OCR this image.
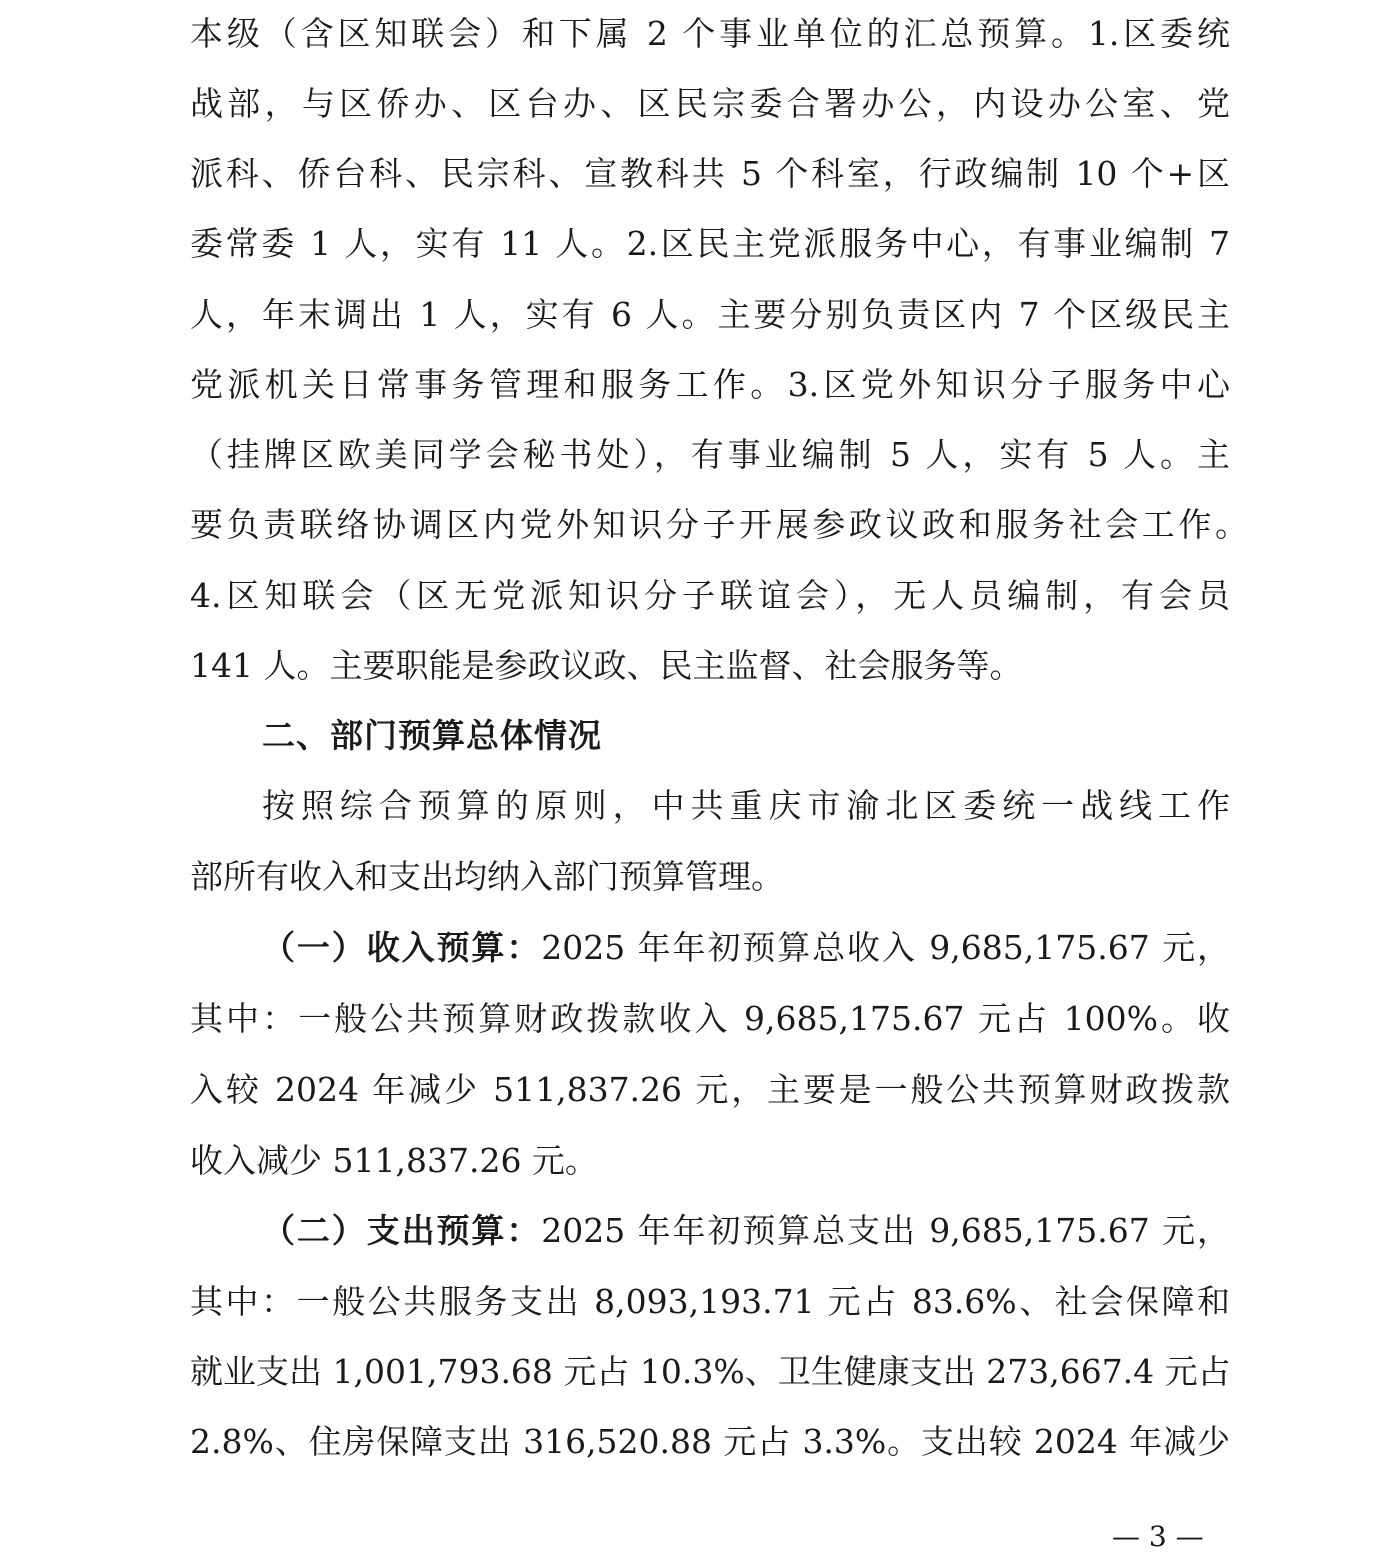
本级（含区知联会）和下属 2 个事业单位的汇总预算。1.区委统
战部，与区侨办、区台办、区民宗委合署办公，内设办公室、党
派科、侨台科、民宗科、宣教科共 5 个科室，行政编制 10 个+区
委常委 1 人，实有 11 人。2.区民主党派服务中心，有事业编制 7
人，年末调出 1 人，实有 6 人。主要分别负责区内 7 个区级民主
党派机关日常事务管理和服务工作。3.区党外知识分子服务中心
（挂牌区欧美同学会秘书处），有事业编制 5 人，实有 5 人。主
要负责联络协调区内党外知识分子开展参政议政和服务社会工作。
4.区知联会（区无党派知识分子联谊会），无人员编制，有会员
141 人。主要职能是参政议政、民主监督、社会服务等。
二、部门预算总体情况
按照综合预算的原则，中共重庆市渝北区委统一战线工作
部所有收入和支出均纳入部门预算管理。
（一）收入预算：2025 年年初预算总收入 9,685,175.67 元，
其中：一般公共预算财政拨款收入 9,685,175.67 元占 100%。收
入较 2024 年减少 511,837.26 元，主要是一般公共预算财政拨款
收入减少 511,837.26 元。
（二）支出预算：2025 年年初预算总支出 9,685,175.67 元，
其中：一般公共服务支出 8,093,193.71 元占 83.6%、社会保障和
就业支出 1,001,793.68 元占 10.3%、卫生健康支出 273,667.4 元占
2.8%、住房保障支出 316,520.88 元占 3.3%。支出较 2024 年减少
— 3 —
